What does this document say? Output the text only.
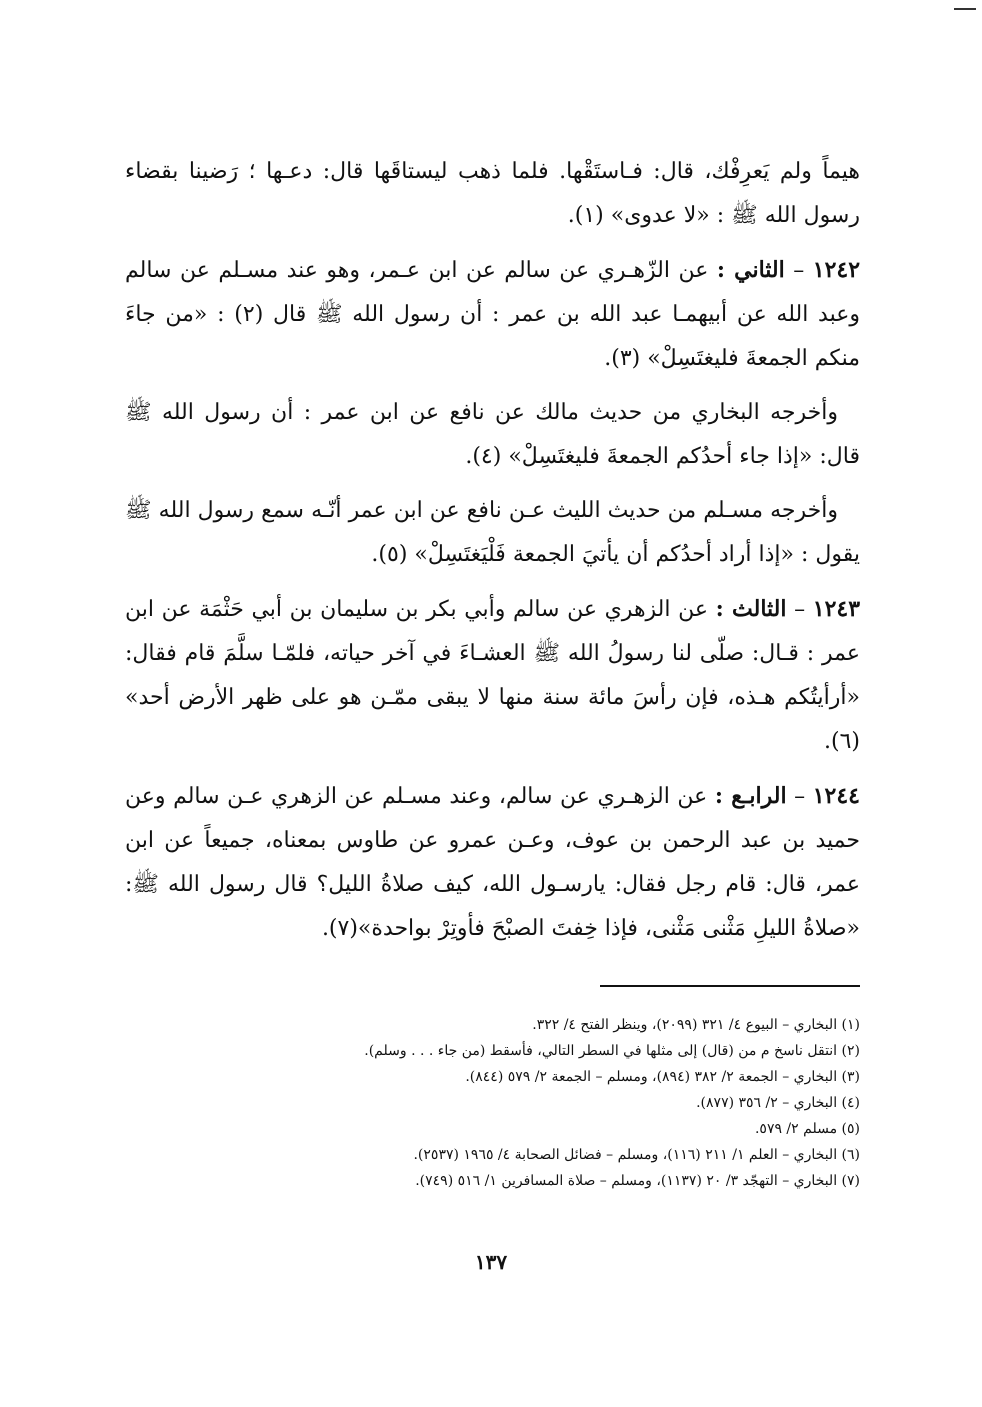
هيماً ولم يَعرِفْك، قال: فـاستَقْها. فلما ذهب ليستاقَها قال: دعـها ؛ رَضينا بقضاء رسول الله ﷺ : «لا عدوى» (١).

١٢٤٢ – الثاني : عن الزّهـري عن سالم عن ابن عـمر، وهو عند مسـلم عن سالم وعبد الله عن أبيهمـا عبد الله بن عمر : أن رسول الله ﷺ قال (٢) : «من جاءَ منكم الجمعةَ فليغتَسِلْ» (٣).

وأخرجه البخاري من حديث مالك عن نافع عن ابن عمر : أن رسول الله ﷺ قال: «إذا جاء أحدُكم الجمعةَ فليغتَسِلْ» (٤).

وأخرجه مسـلم من حديث الليث عـن نافع عن ابن عمر أنّـه سمع رسول الله ﷺ يقول : «إذا أراد أحدُكم أن يأتيَ الجمعة فَلْيَغتَسِلْ» (٥).

١٢٤٣ – الثالث : عن الزهري عن سالم وأبي بكر بن سليمان بن أبي حَثْمَة عن ابن عمر : قـال: صلّى لنا رسولُ الله ﷺ العشـاءَ في آخر حياته، فلمّـا سلَّمَ قام فقال: «أرأيتُكم هـذه، فإن رأسَ مائة سنة منها لا يبقى ممّـن هو على ظهر الأرض أحد» (٦).

١٢٤٤ – الرابـع : عن الزهـري عن سالم، وعند مسـلم عن الزهري عـن سالم وعن حميد بن عبد الرحمن بن عوف، وعـن عمرو عن طاوس بمعناه، جميعاً عن ابن عمر، قال: قام رجل فقال: يارسـول الله، كيف صلاةُ الليل؟ قال رسول الله ﷺ: «صلاةُ الليلِ مَثْنى مَثْنى، فإذا خِفتَ الصبْحَ فأوتِرْ بواحدة»(٧).

(١) البخاري – البيوع ٤/ ٣٢١ (٢٠٩٩)، وينظر الفتح ٤/ ٣٢٢.
(٢) انتقل ناسخ م من (قال) إلى مثلها في السطر التالي، فأسقط (من جاء . . . وسلم).
(٣) البخاري – الجمعة ٢/ ٣٨٢ (٨٩٤)، ومسلم – الجمعة ٢/ ٥٧٩ (٨٤٤).
(٤) البخاري – ٢/ ٣٥٦ (٨٧٧).
(٥) مسلم ٢/ ٥٧٩.
(٦) البخاري – العلم ١/ ٢١١ (١١٦)، ومسلم – فضائل الصحابة ٤/ ١٩٦٥ (٢٥٣٧).
(٧) البخاري – التهجّد ٣/ ٢٠ (١١٣٧)، ومسلم – صلاة المسافرين ١/ ٥١٦ (٧٤٩).
١٣٧
